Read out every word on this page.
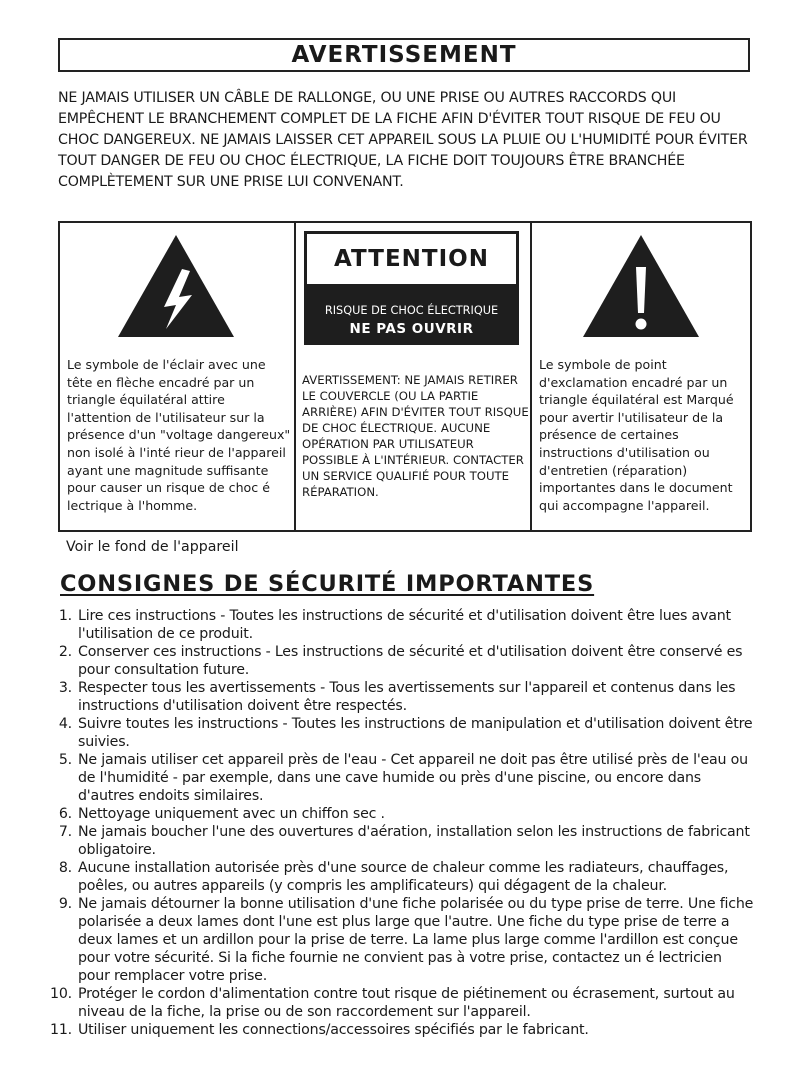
AVERTISSEMENT

NE JAMAIS UTILISER UN CÂBLE DE RALLONGE, OU UNE PRISE OU AUTRES RACCORDS QUI EMPÊCHENT LE BRANCHEMENT COMPLET DE LA FICHE AFIN D'ÉVITER TOUT RISQUE DE FEU OU CHOC DANGEREUX. NE JAMAIS LAISSER CET APPAREIL SOUS LA PLUIE OU L'HUMIDITÉ POUR ÉVITER TOUT DANGER DE FEU OU CHOC ÉLECTRIQUE, LA FICHE DOIT TOUJOURS ÊTRE BRANCHÉE COMPLÈTEMENT SUR UNE PRISE LUI CONVENANT.

Le symbole de l'éclair avec une tête en flèche encadré par un triangle équilatéral attire l'attention de l'utilisateur sur la présence d'un "voltage dangereux" non isolé à l'inté rieur de l'appareil ayant une magnitude suffisante pour causer un risque de choc é lectrique à l'homme.

ATTENTION
RISQUE DE CHOC ÉLECTRIQUE
NE PAS OUVRIR

AVERTISSEMENT: NE JAMAIS RETIRER LE COUVERCLE (OU LA PARTIE ARRIÈRE) AFIN D'ÉVITER TOUT RISQUE DE CHOC ÉLECTRIQUE. AUCUNE OPÉRATION PAR UTILISATEUR POSSIBLE À L'INTÉRIEUR. CONTACTER UN SERVICE QUALIFIÉ POUR TOUTE RÉPARATION.

Le symbole de point d'exclamation encadré par un triangle équilatéral est Marqué pour avertir l'utilisateur de la présence de certaines instructions d'utilisation ou d'entretien (réparation) importantes dans le document qui accompagne l'appareil.

Voir le fond de l'appareil

CONSIGNES DE SÉCURITÉ IMPORTANTES
1. Lire ces instructions - Toutes les instructions de sécurité et d'utilisation doivent être lues avant l'utilisation de ce produit.
2. Conserver ces instructions - Les instructions de sécurité et d'utilisation doivent être conservé es pour consultation future.
3. Respecter tous les avertissements - Tous les avertissements sur l'appareil et contenus dans les instructions d'utilisation doivent être respectés.
4. Suivre toutes les instructions - Toutes les instructions de manipulation et d'utilisation doivent être suivies.
5. Ne jamais utiliser cet appareil près de l'eau - Cet appareil ne doit pas être utilisé près de l'eau ou de l'humidité - par exemple, dans une cave humide ou près d'une piscine, ou encore dans d'autres endoits similaires.
6. Nettoyage uniquement avec un chiffon sec .
7. Ne jamais boucher l'une des ouvertures d'aération, installation selon les instructions de fabricant obligatoire.
8. Aucune installation autorisée près d'une source de chaleur comme les radiateurs, chauffages, poêles, ou autres appareils (y compris les amplificateurs) qui dégagent de la chaleur.
9. Ne jamais détourner la bonne utilisation d'une fiche polarisée ou du type prise de terre. Une fiche polarisée a deux lames dont l'une est plus large que l'autre. Une fiche du type prise de terre a deux lames et un ardillon pour la prise de terre. La lame plus large comme l'ardillon est conçue pour votre sécurité. Si la fiche fournie ne convient pas à votre prise, contactez un é lectricien pour remplacer votre prise.
10. Protéger le cordon d'alimentation contre tout risque de piétinement ou écrasement, surtout au niveau de la fiche, la prise ou de son raccordement sur l'appareil.
11. Utiliser uniquement les connections/accessoires spécifiés par le fabricant.
